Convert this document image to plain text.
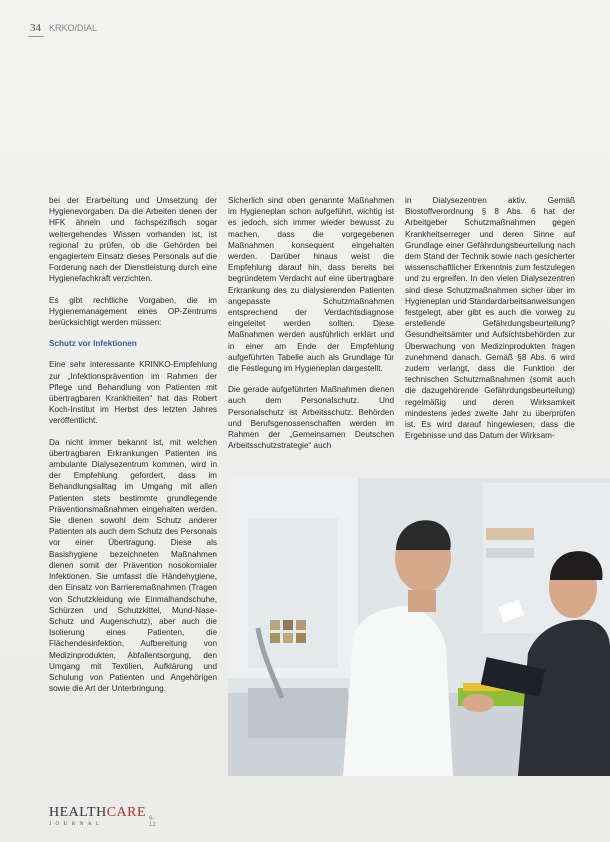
34 KRKO/DIAL

bei der Erarbeitung und Umsetzung der Hygienevorgaben. Da die Arbeiten denen der HFK ähneln und fachspezifisch sogar weitergehendes Wissen vorhanden ist, ist regional zu prüfen, ob die Gehörden bei engagiertem Einsatz dieses Personals auf die Forderung nach der Dienstleistung durch eine Hygienefachkraft verzichten.

Es gibt rechtliche Vorgaben, die im Hygienemanagement eines OP-Zentrums berücksichtigt werden müssen:

Schutz vor Infektionen

Eine sehr interessante KRINKO-Empfehlung zur „Infektionsprävention im Rahmen der Pflege und Behandlung von Patienten mit übertragbaren Krankheiten“ hat das Robert Koch-Institut im Herbst des letzten Jahres veröffentlicht.

Da nicht immer bekannt ist, mit welchen übertragbaren Erkrankungen Patienten ins ambulante Dialysezentrum kommen, wird in der Empfehlung gefordert, dass im Behandlungsalltag im Umgang mit allen Patienten stets bestimmte grundlegende Präventionsmaßnahmen eingehalten werden. Sie dienen sowohl dem Schutz anderer Patienten als auch dem Schutz des Personals vor einer Übertragung. Diese als Basishygiene bezeichneten Maßnahmen dienen somit der Prävention nosokomialer Infektionen. Sie umfasst die Händehygiene, den Einsatz von Barrieremaßnahmen (Tragen von Schutzkleidung wie Einmalhandschuhe, Schürzen und Schutzkittel, Mund-Nase-Schutz und Augenschutz), aber auch die Isolierung eines Patienten, die Flächendesinfektion, Aufbereitung von Medizinprodukten, Abfallentsorgung, den Umgang mit Textilien, Aufklärung und Schulung von Patienten und Angehörigen sowie die Art der Unterbringung.

Sicherlich sind oben genannte Maßnahmen im Hygieneplan schon aufgeführt, wichtig ist es jedoch, sich immer wieder bewusst zu machen, dass die vorgegebenen Maßnahmen konsequent eingehalten werden. Darüber hinaus weist die Empfehlung darauf hin, dass bereits bei begründetem Verdacht auf eine übertragbare Erkrankung des zu dialysierenden Patienten angepasste Schutzmaßnahmen entsprechend der Verdachtsdiagnose eingeleitet werden sollten. Diese Maßnahmen werden ausführlich erklärt und in einer am Ende der Empfehlung aufgeführten Tabelle auch als Grundlage für die Festlegung im Hygieneplan dargestellt.

Die gerade aufgeführten Maßnahmen dienen auch dem Personalschutz. Und Personalschutz ist Arbeitsschutz. Behörden und Berufsgenossenschaften werden im Rahmen der „Gemeinsamen Deutschen Arbeitsschutzstrategie“ auch

in Dialysezentren aktiv. Gemäß Biostoffverordnung § 8 Abs. 6 hat der Arbeitgeber Schutzmaßnahmen gegen Krankheitserreger und deren Sinne auf Grundlage einer Gefährdungsbeurteilung nach dem Stand der Technik sowie nach gesicherter wissenschaftlicher Erkenntnis zum festzulegen und zu ergreifen. In den vielen Dialysezentren sind diese Schutzmaßnahmen sicher über im Hygieneplan und Standardarbeitsanweisungen festgelegt, aber gibt es auch die vorweg zu erstellende Gefährdungsbeurteilung? Gesundheitsämter und Aufsichtsbehörden zur Überwachung von Medizinprodukten fragen zunehmend danach. Gemäß §8 Abs. 6 wird zudem verlangt, dass die Funktion der technischen Schutzmaßnahmen (somit auch die dazugehörende Gefährdungsbeurteilung) regelmäßig und deren Wirksamkeit mindestens jedes zweite Jahr zu überprüfen ist. Es wird darauf hingewiesen, dass die Ergebnisse und das Datum der Wirksam-

HEALTHCARE
JOURNAL
6-12
